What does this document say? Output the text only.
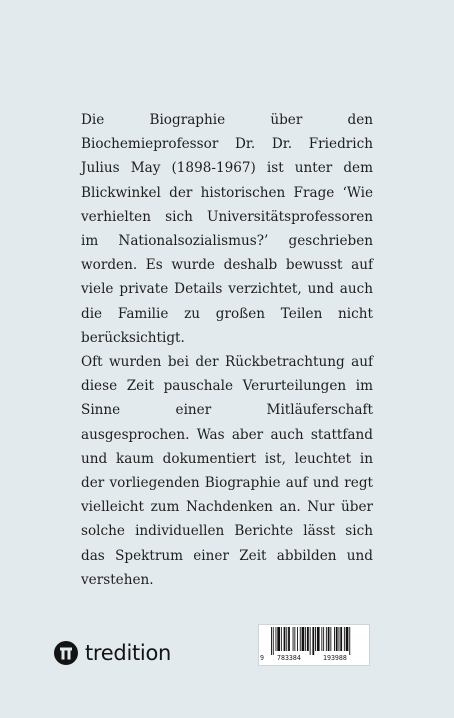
Die Biographie über den Biochemieprofessor Dr. Dr. Friedrich Julius May (1898-1967) ist unter dem Blickwinkel der historischen Frage ‘Wie verhielten sich Universitätsprofessoren im Nationalsozialismus?’ geschrieben worden. Es wurde deshalb bewusst auf viele private Details verzichtet, und auch die Familie zu großen Teilen nicht berücksichtigt.

Oft wurden bei der Rückbetrachtung auf diese Zeit pauschale Verurteilungen im Sinne einer Mitläuferschaft ausgesprochen. Was aber auch stattfand und kaum dokumentiert ist, leuchtet in der vorliegenden Biographie auf und regt vielleicht zum Nachdenken an. Nur über solche individuellen Berichte lässt sich das Spektrum einer Zeit abbilden und verstehen.

tredition	9 783384	193988
